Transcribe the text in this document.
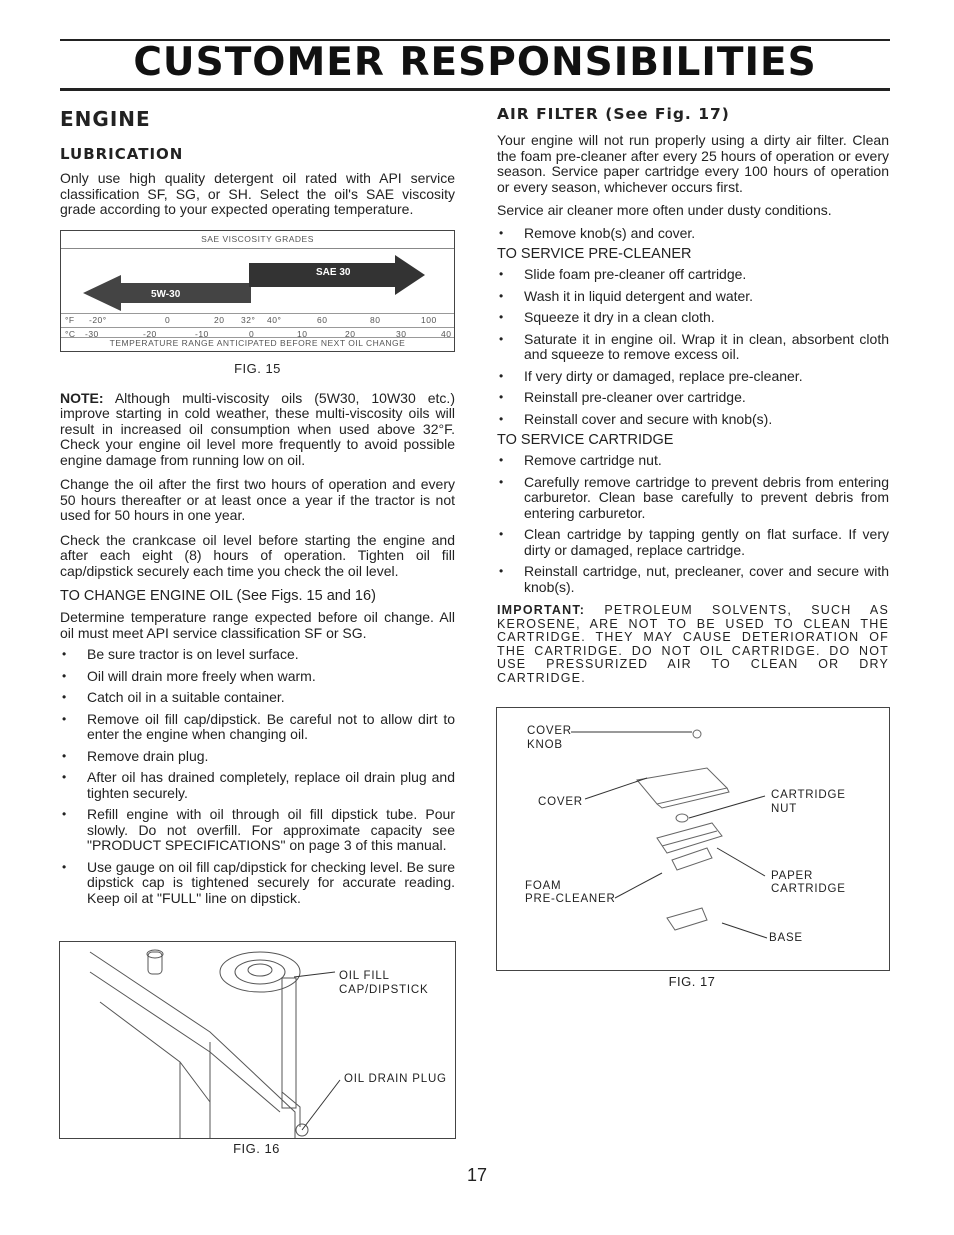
CUSTOMER RESPONSIBILITIES
ENGINE
LUBRICATION

Only use high quality detergent oil rated with API service classification SF, SG, or SH. Select the oil's SAE viscosity grade according to your expected operating temperature.

SAE VISCOSITY GRADES
5W-30
SAE 30
°F -20°	0	20 32° 40°	60	80	100
°C -30	-20	-10	0	10	20	30	40
TEMPERATURE RANGE ANTICIPATED BEFORE NEXT OIL CHANGE
FIG. 15

NOTE: Although multi-viscosity oils (5W30, 10W30 etc.) improve starting in cold weather, these multi-viscosity oils will result in increased oil consumption when used above 32°F. Check your engine oil level more frequently to avoid possible engine damage from running low on oil.

Change the oil after the first two hours of operation and every 50 hours thereafter or at least once a year if the tractor is not used for 50 hours in one year.

Check the crankcase oil level before starting the engine and after each eight (8) hours of operation. Tighten oil fill cap/dipstick securely each time you check the oil level.

TO CHANGE ENGINE OIL (See Figs. 15 and 16)

Determine temperature range expected before oil change. All oil must meet API service classification SF or SG.

• Be sure tractor is on level surface.
• Oil will drain more freely when warm.
• Catch oil in a suitable container.
• Remove oil fill cap/dipstick. Be careful not to allow dirt to enter the engine when changing oil.
• Remove drain plug.
• After oil has drained completely, replace oil drain plug and tighten securely.
• Refill engine with oil through oil fill dipstick tube. Pour slowly. Do not overfill. For approximate capacity see "PRODUCT SPECIFICATIONS" on page 3 of this manual.
• Use gauge on oil fill cap/dipstick for checking level. Be sure dipstick cap is tightened securely for accurate reading. Keep oil at "FULL" line on dipstick.
OIL FILL
CAP/DIPSTICK
OIL DRAIN PLUG
FIG. 16
AIR FILTER (See Fig. 17)

Your engine will not run properly using a dirty air filter. Clean the foam pre-cleaner after every 25 hours of operation or every season. Service paper cartridge every 100 hours of operation or every season, whichever occurs first.

Service air cleaner more often under dusty conditions.

• Remove knob(s) and cover.
TO SERVICE PRE-CLEANER
• Slide foam pre-cleaner off cartridge.
• Wash it in liquid detergent and water.
• Squeeze it dry in a clean cloth.
• Saturate it in engine oil. Wrap it in clean, absorbent cloth and squeeze to remove excess oil.
• If very dirty or damaged, replace pre-cleaner.
• Reinstall pre-cleaner over cartridge.
• Reinstall cover and secure with knob(s).
TO SERVICE CARTRIDGE
• Remove cartridge nut.
• Carefully remove cartridge to prevent debris from entering carburetor. Clean base carefully to prevent debris from entering carburetor.
• Clean cartridge by tapping gently on flat surface. If very dirty or damaged, replace cartridge.
• Reinstall cartridge, nut, precleaner, cover and secure with knob(s).

IMPORTANT: PETROLEUM SOLVENTS, SUCH AS KEROSENE, ARE NOT TO BE USED TO CLEAN THE CARTRIDGE. THEY MAY CAUSE DETERIORATION OF THE CARTRIDGE. DO NOT OIL CARTRIDGE. DO NOT USE PRESSURIZED AIR TO CLEAN OR DRY CARTRIDGE.

COVER
KNOB
COVER
CARTRIDGE
NUT
PAPER
CARTRIDGE
FOAM
PRE-CLEANER
BASE
FIG. 17
17
